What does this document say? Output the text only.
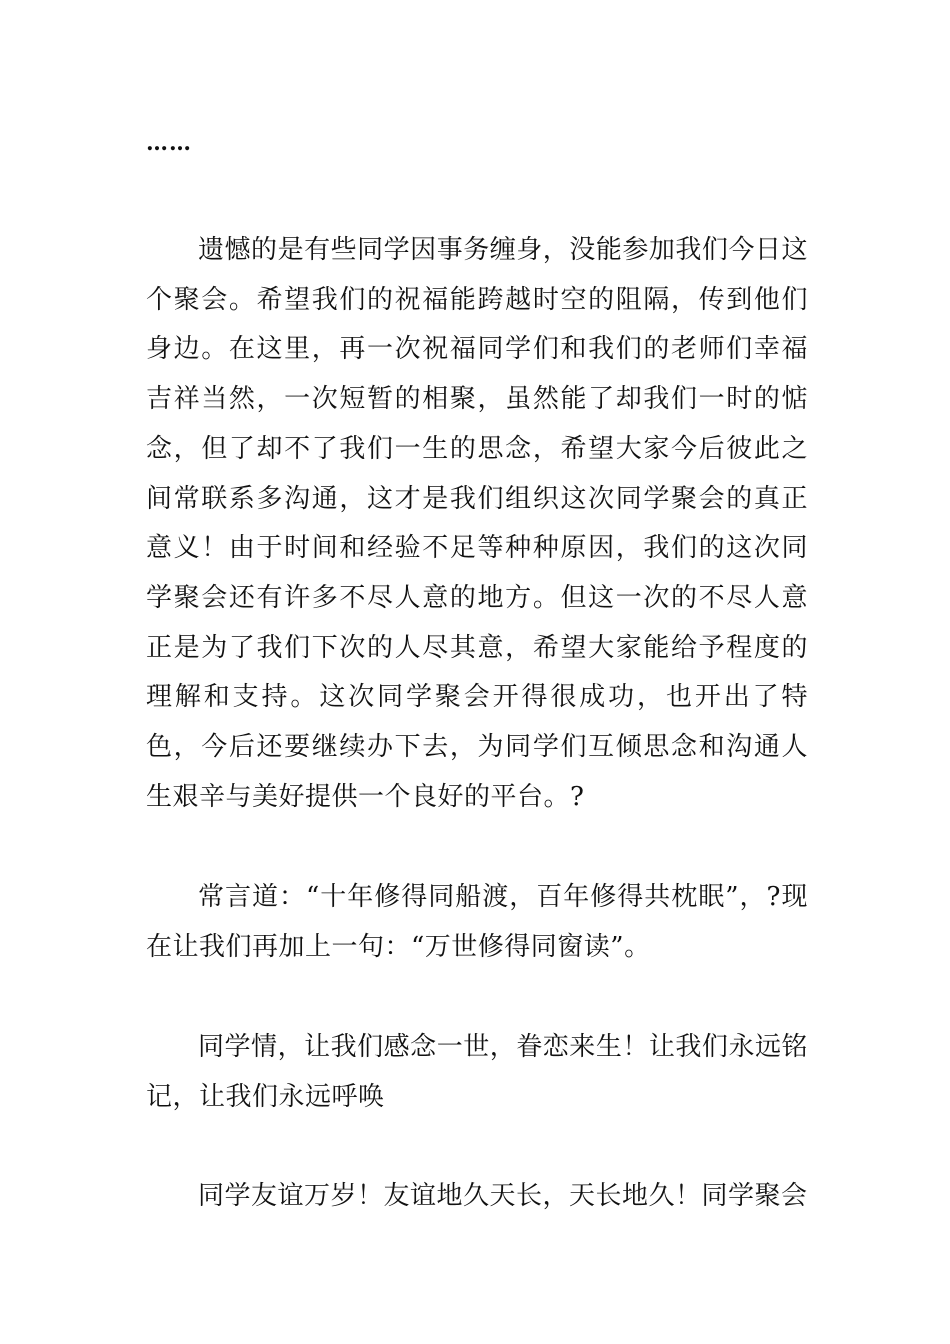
……

遗憾的是有些同学因事务缠身，没能参加我们今日这个聚会。希望我们的祝福能跨越时空的阻隔，传到他们身边。在这里，再一次祝福同学们和我们的老师们幸福吉祥当然，一次短暂的相聚，虽然能了却我们一时的惦念，但了却不了我们一生的思念，希望大家今后彼此之间常联系多沟通，这才是我们组织这次同学聚会的真正意义！由于时间和经验不足等种种原因，我们的这次同学聚会还有许多不尽人意的地方。但这一次的不尽人意正是为了我们下次的人尽其意，希望大家能给予程度的理解和支持。这次同学聚会开得很成功，也开出了特色，今后还要继续办下去，为同学们互倾思念和沟通人生艰辛与美好提供一个良好的平台。?

常言道：“十年修得同船渡，百年修得共枕眠”，?现在让我们再加上一句：“万世修得同窗读”。

同学情，让我们感念一世，眷恋来生！让我们永远铭记，让我们永远呼唤

同学友谊万岁！友谊地久天长，天长地久！同学聚会
